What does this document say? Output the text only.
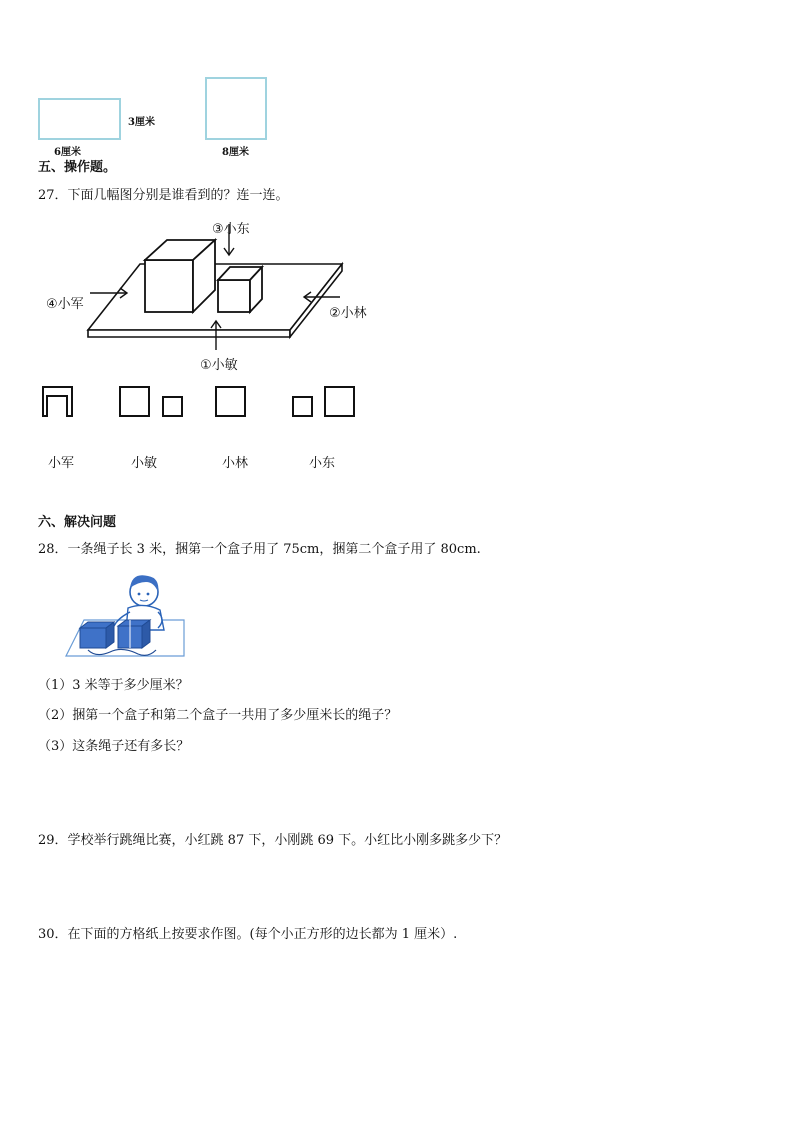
3厘米
6厘米	8厘米
五、操作题。
27．下面几幅图分别是谁看到的？连一连。
③小东
④小军
②小林
①小敏
小军	小敏	小林	小东
六、解决问题
28．一条绳子长 3 米，捆第一个盒子用了 75cm，捆第二个盒子用了 80cm.
（1）3 米等于多少厘米？
（2）捆第一个盒子和第二个盒子一共用了多少厘米长的绳子？
（3）这条绳子还有多长？
29．学校举行跳绳比赛，小红跳 87 下，小刚跳 69 下。小红比小刚多跳多少下？
30．在下面的方格纸上按要求作图。(每个小正方形的边长都为 1 厘米）.
